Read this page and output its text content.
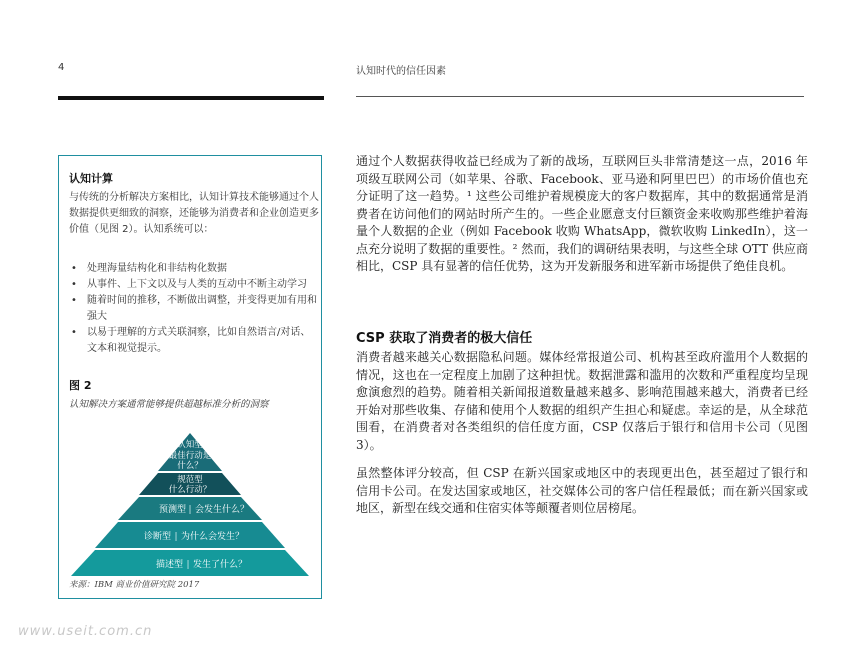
4	认知时代的信任因素
认知计算
与传统的分析解决方案相比，认知计算技术能够通过个人数据提供更细致的洞察，还能够为消费者和企业创造更多价值（见图 2）。认知系统可以：
• 处理海量结构化和非结构化数据
• 从事件、上下文以及与人类的互动中不断主动学习
• 随着时间的推移，不断做出调整，并变得更加有用和强大
• 以易于理解的方式关联洞察，比如自然语言/对话、文本和视觉提示。
图 2
认知解决方案通常能够提供超越标准分析的洞察
认知型
最佳行动是
什么？
规范型
什么行动？
预测型 | 会发生什么？
诊断型 | 为什么会发生？
描述型 | 发生了什么？
来源：IBM 商业价值研究院 2017
通过个人数据获得收益已经成为了新的战场，互联网巨头非常清楚这一点，2016 年项级互联网公司（如苹果、谷歌、Facebook、亚马逊和阿里巴巴）的市场价值也充分证明了这一趋势。¹ 这些公司维护着规模庞大的客户数据库，其中的数据通常是消费者在访问他们的网站时所产生的。一些企业愿意支付巨额资金来收购那些维护着海量个人数据的企业（例如 Facebook 收购 WhatsApp，微软收购 LinkedIn），这一点充分说明了数据的重要性。² 然而，我们的调研结果表明，与这些全球 OTT 供应商相比，CSP 具有显著的信任优势，这为开发新服务和进军新市场提供了绝佳良机。
CSP 获取了消费者的极大信任
消费者越来越关心数据隐私问题。媒体经常报道公司、机构甚至政府滥用个人数据的情况，这也在一定程度上加剧了这种担忧。数据泄露和滥用的次数和严重程度均呈现愈演愈烈的趋势。随着相关新闻报道数量越来越多、影响范围越来越大，消费者已经开始对那些收集、存储和使用个人数据的组织产生担心和疑虑。幸运的是，从全球范围看，在消费者对各类组织的信任度方面，CSP 仅落后于银行和信用卡公司（见图 3）。
虽然整体评分较高，但 CSP 在新兴国家或地区中的表现更出色，甚至超过了银行和信用卡公司。在发达国家或地区，社交媒体公司的客户信任程最低；而在新兴国家或地区，新型在线交通和住宿实体等颠覆者则位居榜尾。
www.useit.com.cn
